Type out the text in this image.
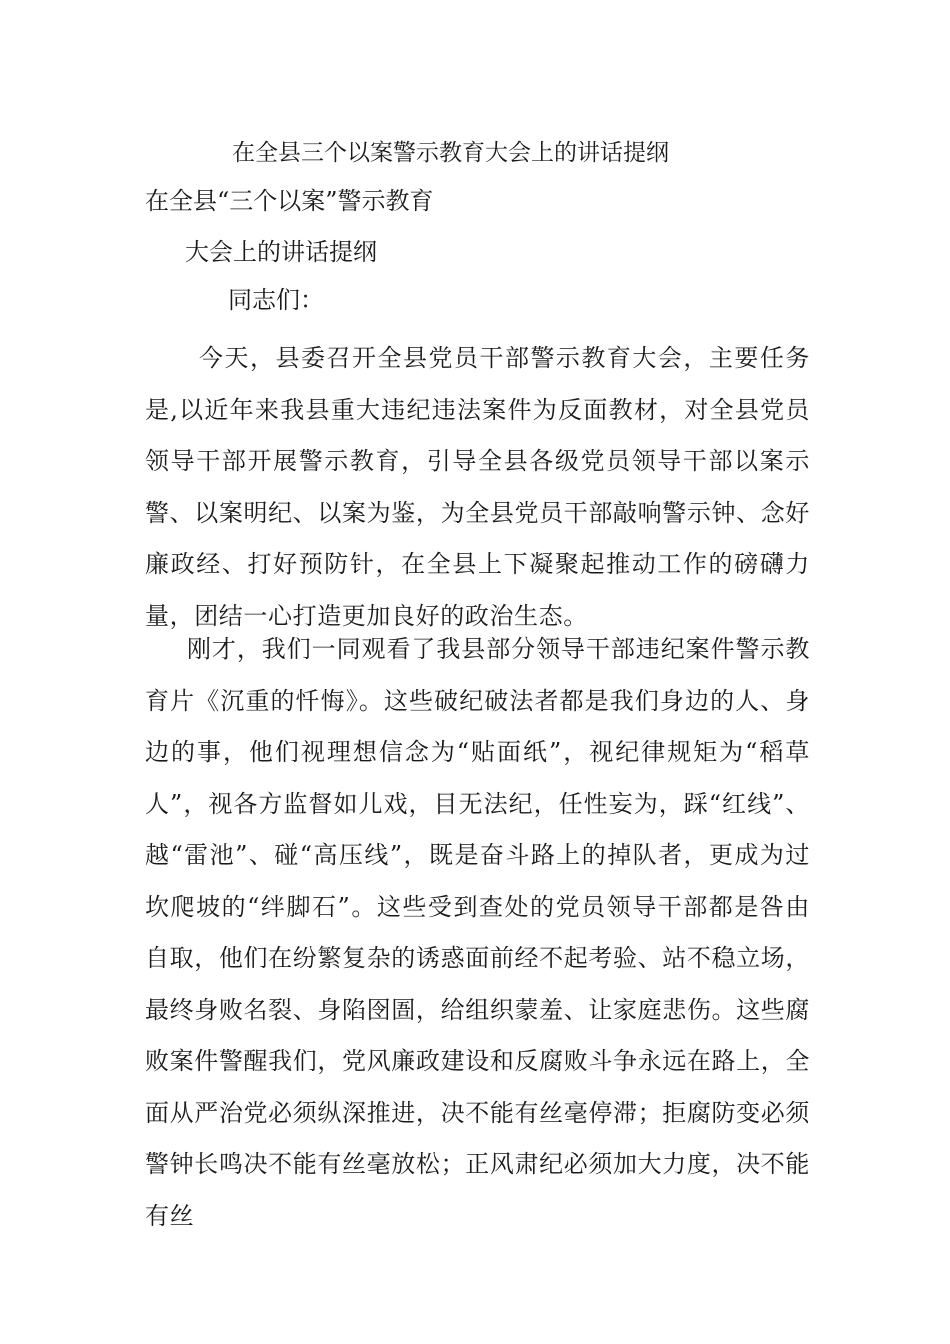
在全县三个以案警示教育大会上的讲话提纲
在全县“三个以案”警示教育
大会上的讲话提纲
同志们：

今天，县委召开全县党员干部警示教育大会，主要任务是,以近年来我县重大违纪违法案件为反面教材，对全县党员领导干部开展警示教育，引导全县各级党员领导干部以案示警、以案明纪、以案为鉴，为全县党员干部敲响警示钟、念好廉政经、打好预防针，在全县上下凝聚起推动工作的磅礴力量，团结一心打造更加良好的政治生态。

刚才，我们一同观看了我县部分领导干部违纪案件警示教育片《沉重的忏悔》。这些破纪破法者都是我们身边的人、身边的事，他们视理想信念为“贴面纸”，视纪律规矩为“稻草人”，视各方监督如儿戏，目无法纪，任性妄为，踩“红线”、越“雷池”、碰“高压线”，既是奋斗路上的掉队者，更成为过坎爬坡的“绊脚石”。这些受到查处的党员领导干部都是咎由自取，他们在纷繁复杂的诱惑面前经不起考验、站不稳立场，最终身败名裂、身陷囹圄，给组织蒙羞、让家庭悲伤。这些腐败案件警醒我们，党风廉政建设和反腐败斗争永远在路上，全面从严治党必须纵深推进，决不能有丝毫停滞；拒腐防变必须警钟长鸣决不能有丝毫放松；正风肃纪必须加大力度，决不能有丝
